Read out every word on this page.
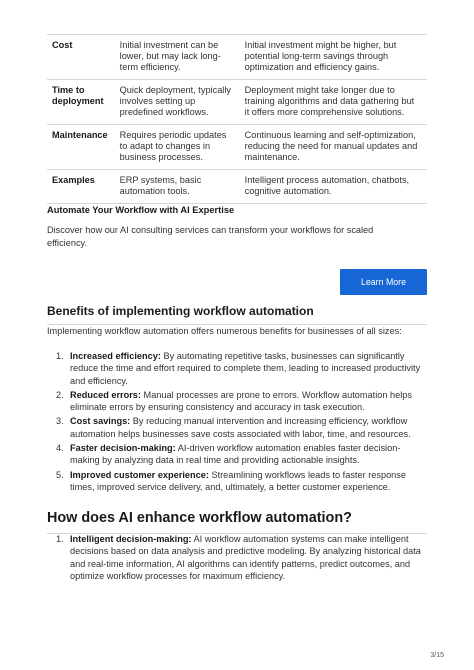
Cost	Initial investment can be lower, but may lack long-term efficiency.	Initial investment might be higher, but potential long-term savings through optimization and efficiency gains.
Time to deployment	Quick deployment, typically involves setting up predefined workflows.	Deployment might take longer due to training algorithms and data gathering but it offers more comprehensive solutions.
Maintenance	Requires periodic updates to adapt to changes in business processes.	Continuous learning and self-optimization, reducing the need for manual updates and maintenance.
Examples	ERP systems, basic automation tools.	Intelligent process automation, chatbots, cognitive automation.
Automate Your Workflow with AI Expertise
Discover how our AI consulting services can transform your workflows for scaled efficiency.
Learn More
Benefits of implementing workflow automation
Implementing workflow automation offers numerous benefits for businesses of all sizes:
1. Increased efficiency: By automating repetitive tasks, businesses can significantly reduce the time and effort required to complete them, leading to increased productivity and efficiency.
2. Reduced errors: Manual processes are prone to errors. Workflow automation helps eliminate errors by ensuring consistency and accuracy in task execution.
3. Cost savings: By reducing manual intervention and increasing efficiency, workflow automation helps businesses save costs associated with labor, time, and resources.
4. Faster decision-making: AI-driven workflow automation enables faster decision-making by analyzing data in real time and providing actionable insights.
5. Improved customer experience: Streamlining workflows leads to faster response times, improved service delivery, and, ultimately, a better customer experience.
How does AI enhance workflow automation?
1. Intelligent decision-making: AI workflow automation systems can make intelligent decisions based on data analysis and predictive modeling. By analyzing historical data and real-time information, AI algorithms can identify patterns, predict outcomes, and optimize workflow processes for maximum efficiency.
3/15
